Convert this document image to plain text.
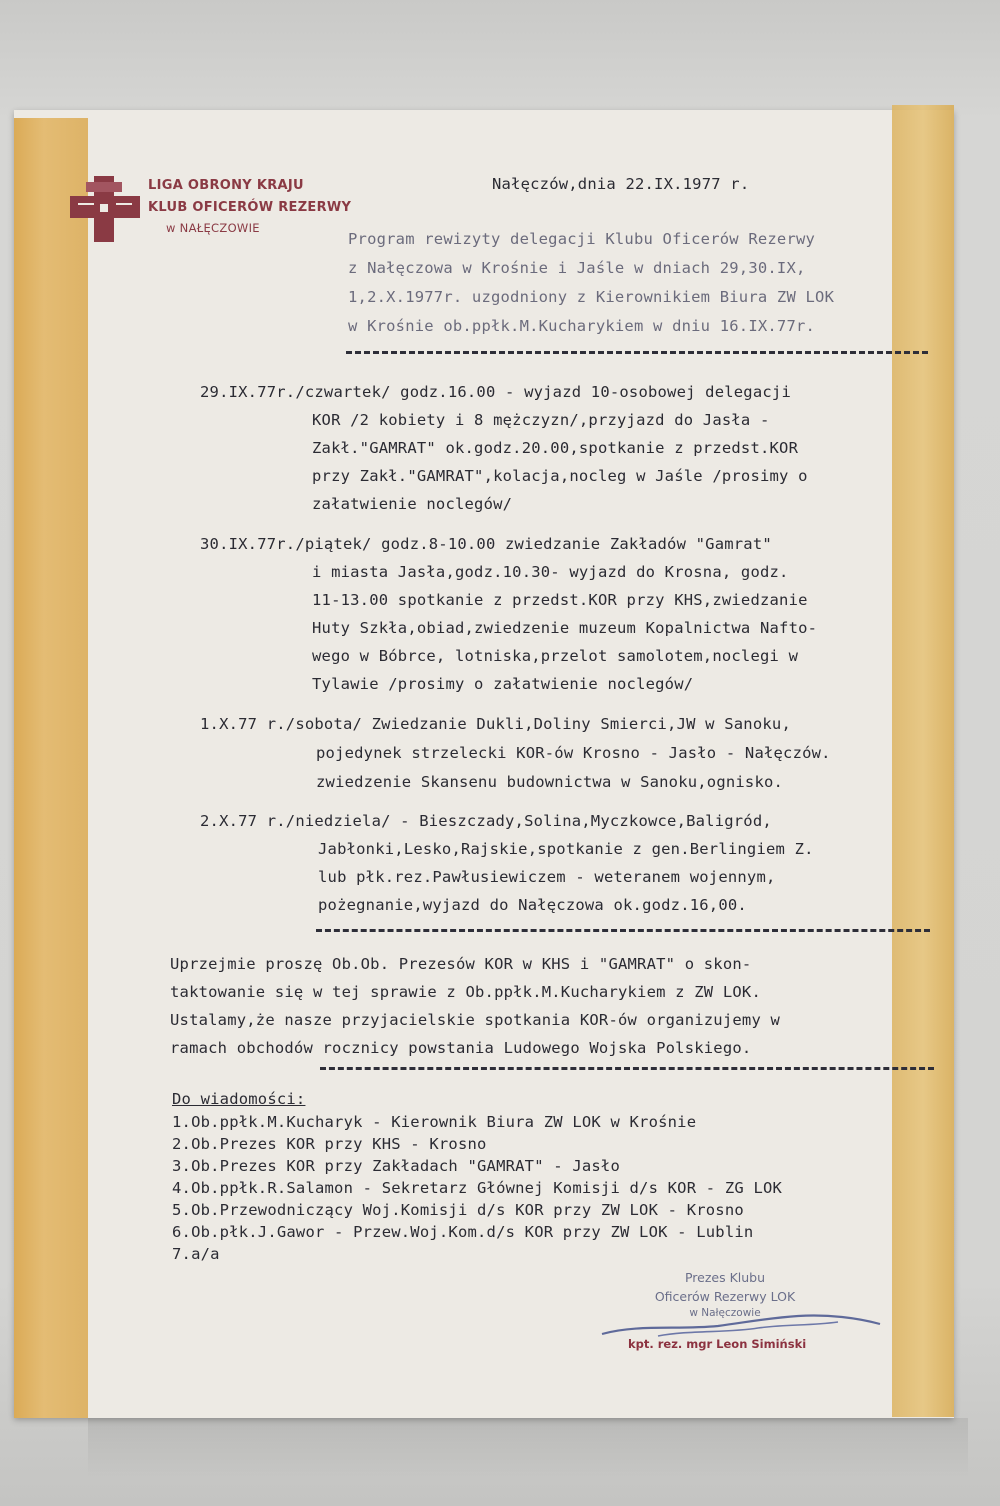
LIGA OBRONY KRAJU
KLUB OFICERÓW REZERWY
w NAŁĘCZOWIE
Nałęczów,dnia 22.IX.1977 r.
Program rewizyty delegacji Klubu Oficerów Rezerwy
z Nałęczowa w Krośnie i Jaśle w dniach 29,30.IX,
1,2.X.1977r. uzgodniony z Kierownikiem Biura ZW LOK
w Krośnie ob.ppłk.M.Kucharykiem w dniu 16.IX.77r.
29.IX.77r./czwartek/ godz.16.00 - wyjazd 10-osobowej delegacji
KOR /2 kobiety i 8 mężczyzn/,przyjazd do Jasła -
Zakł."GAMRAT" ok.godz.20.00,spotkanie z przedst.KOR
przy Zakł."GAMRAT",kolacja,nocleg w Jaśle /prosimy o
załatwienie noclegów/
30.IX.77r./piątek/ godz.8-10.00 zwiedzanie Zakładów "Gamrat"
i miasta Jasła,godz.10.30- wyjazd do Krosna, godz.
11-13.00 spotkanie z przedst.KOR przy KHS,zwiedzanie
Huty Szkła,obiad,zwiedzenie muzeum Kopalnictwa Nafto-
wego w Bóbrce, lotniska,przelot samolotem,noclegi w
Tylawie /prosimy o załatwienie noclegów/
1.X.77 r./sobota/ Zwiedzanie Dukli,Doliny Smierci,JW w Sanoku,
pojedynek strzelecki KOR-ów Krosno - Jasło - Nałęczów.
zwiedzenie Skansenu budownictwa w Sanoku,ognisko.
2.X.77 r./niedziela/ - Bieszczady,Solina,Myczkowce,Baligród,
Jabłonki,Lesko,Rajskie,spotkanie z gen.Berlingiem Z.
lub płk.rez.Pawłusiewiczem - weteranem wojennym,
pożegnanie,wyjazd do Nałęczowa ok.godz.16,00.
Uprzejmie proszę Ob.Ob. Prezesów KOR w KHS i "GAMRAT" o skon-
taktowanie się w tej sprawie z Ob.ppłk.M.Kucharykiem z ZW LOK.
Ustalamy,że nasze przyjacielskie spotkania KOR-ów organizujemy w
ramach obchodów rocznicy powstania Ludowego Wojska Polskiego.
Do wiadomości:
1.Ob.ppłk.M.Kucharyk - Kierownik Biura ZW LOK w Krośnie
2.Ob.Prezes KOR przy KHS - Krosno
3.Ob.Prezes KOR przy Zakładach "GAMRAT" - Jasło
4.Ob.ppłk.R.Salamon - Sekretarz Głównej Komisji d/s KOR - ZG LOK
5.Ob.Przewodniczący Woj.Komisji d/s KOR przy ZW LOK - Krosno
6.Ob.płk.J.Gawor - Przew.Woj.Kom.d/s KOR przy ZW LOK - Lublin
7.a/a
Prezes Klubu
Oficerów Rezerwy LOK
w Nałęczowie
kpt. rez. mgr Leon Simiński
